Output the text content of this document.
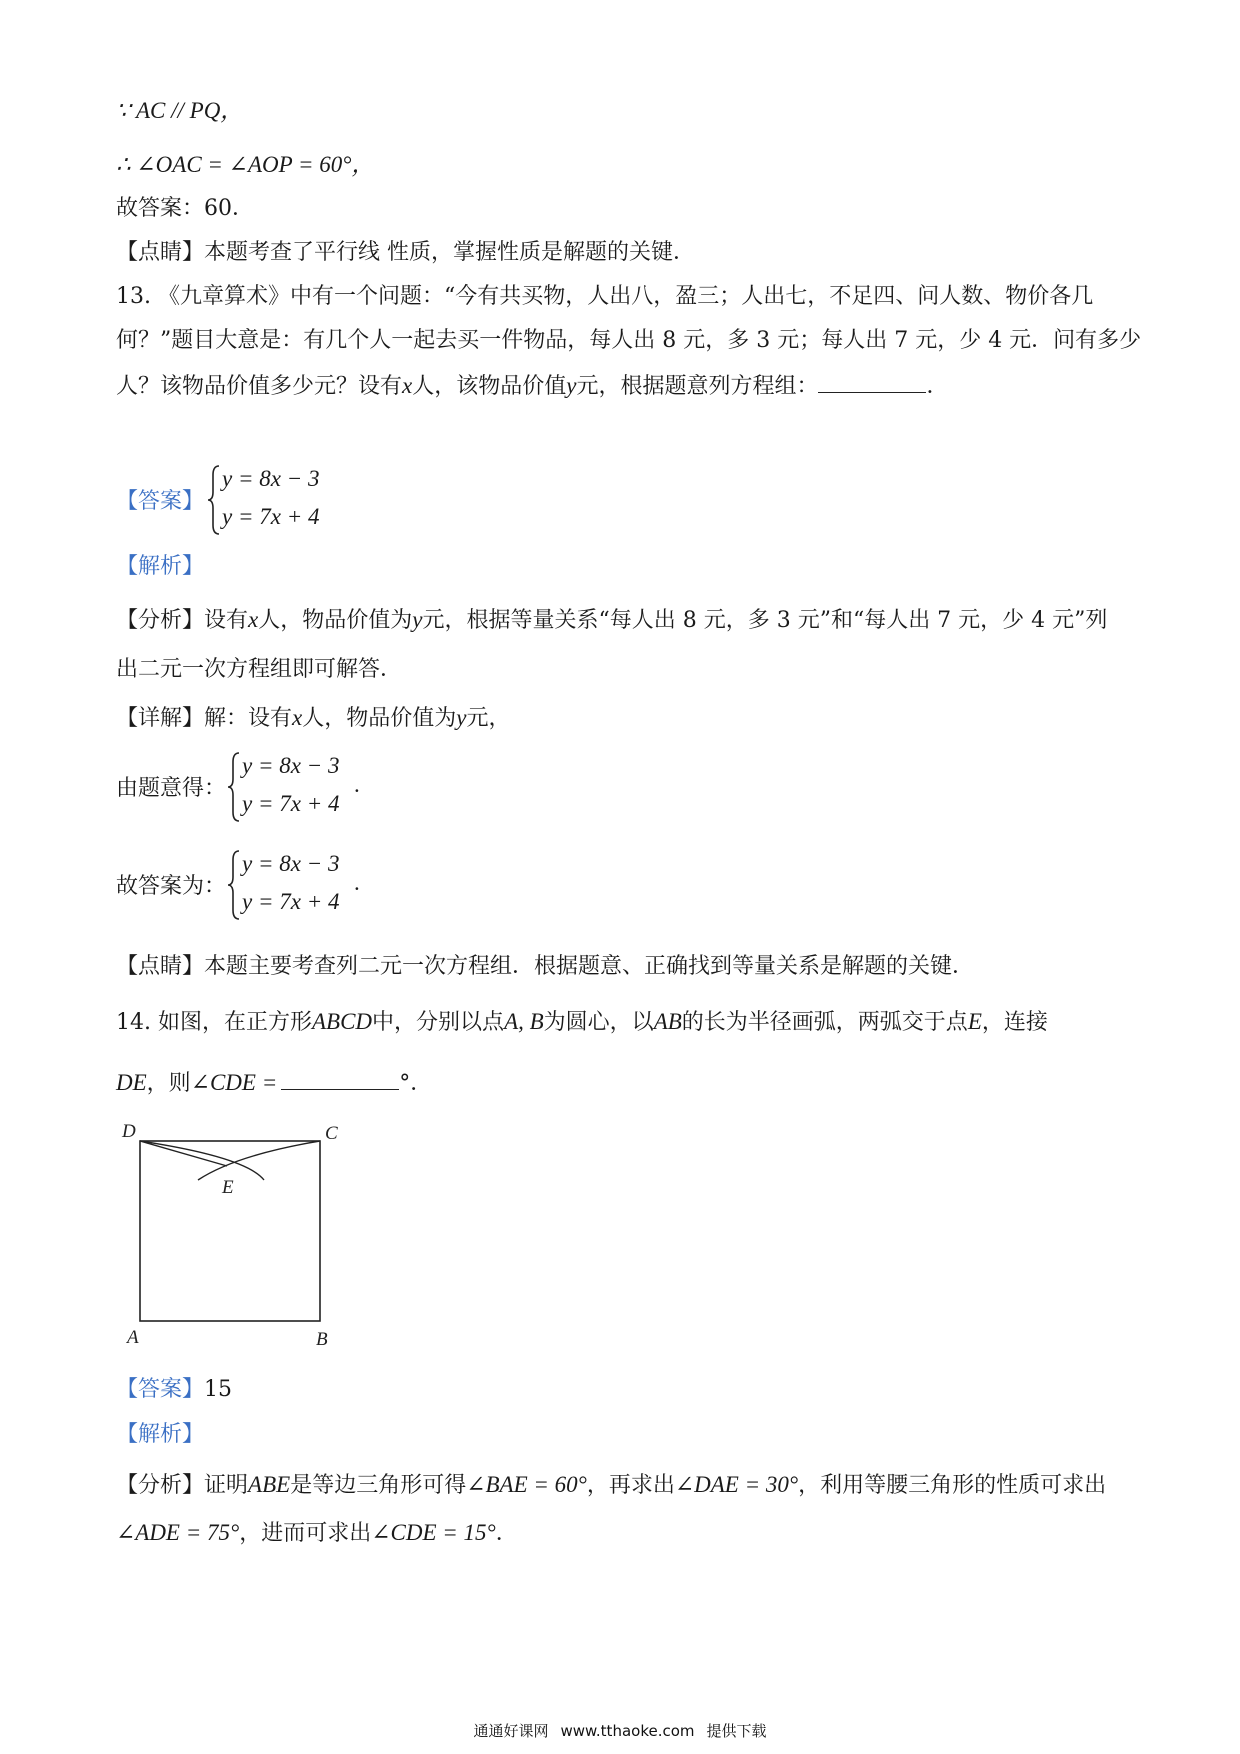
∵ AC // PQ，
∴ ∠OAC = ∠AOP = 60°，
故答案：60．
【点睛】本题考查了平行线 性质，掌握性质是解题的关键．
13. 《九章算术》中有一个问题：“今有共买物，人出八，盈三；人出七，不足四、问人数、物价各几
何？”题目大意是：有几个人一起去买一件物品，每人出 8 元，多 3 元；每人出 7 元，少 4 元．问有多少
人？该物品价值多少元？设有x人，该物品价值y元，根据题意列方程组：	．
【答案】
y = 8x − 3
y = 7x + 4
【解析】
【分析】设有x人，物品价值为y元，根据等量关系“每人出 8 元，多 3 元”和“每人出 7 元，少 4 元”列
出二元一次方程组即可解答．
【详解】解：设有x人，物品价值为y元，
由题意得：
y = 8x − 3
y = 7x + 4
.
故答案为：
y = 8x − 3
y = 7x + 4
.
【点睛】本题主要考查列二元一次方程组．根据题意、正确找到等量关系是解题的关键．
14. 如图，在正方形ABCD中，分别以点A, B为圆心，以AB的长为半径画弧，两弧交于点E，连接
DE，则∠CDE =	°．
D	C
E
A	B
【答案】15
【解析】
【分析】证明ABE是等边三角形可得∠BAE = 60°，再求出∠DAE = 30°，利用等腰三角形的性质可求出
∠ADE = 75°，进而可求出∠CDE = 15°．
通通好课网 www.tthaoke.com 提供下载
